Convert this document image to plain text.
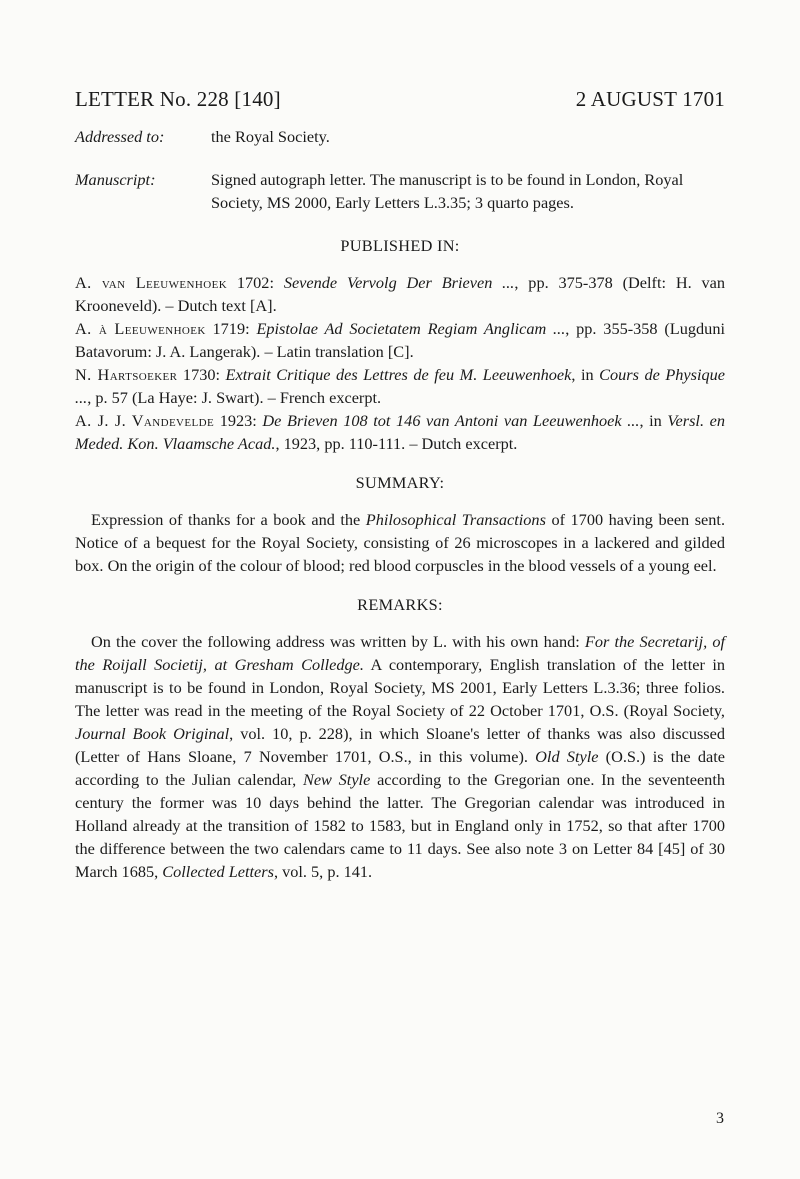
LETTER No. 228 [140]	2 AUGUST 1701
Addressed to:	the Royal Society.
Manuscript:	Signed autograph letter. The manuscript is to be found in London, Royal Society, MS 2000, Early Letters L.3.35; 3 quarto pages.
PUBLISHED IN:

A. van Leeuwenhoek 1702: Sevende Vervolg Der Brieven ..., pp. 375-378 (Delft: H. van Krooneveld). – Dutch text [A].

A. à Leeuwenhoek 1719: Epistolae Ad Societatem Regiam Anglicam ..., pp. 355-358 (Lugduni Batavorum: J. A. Langerak). – Latin translation [C].

N. Hartsoeker 1730: Extrait Critique des Lettres de feu M. Leeuwenhoek, in Cours de Physique ..., p. 57 (La Haye: J. Swart). – French excerpt.

A. J. J. Vandevelde 1923: De Brieven 108 tot 146 van Antoni van Leeuwenhoek ..., in Versl. en Meded. Kon. Vlaamsche Acad., 1923, pp. 110-111. – Dutch excerpt.

SUMMARY:

Expression of thanks for a book and the Philosophical Transactions of 1700 having been sent. Notice of a bequest for the Royal Society, consisting of 26 microscopes in a lackered and gilded box. On the origin of the colour of blood; red blood corpuscles in the blood vessels of a young eel.

REMARKS:

On the cover the following address was written by L. with his own hand: For the Secretarij, of the Roijall Societij, at Gresham Colledge. A contemporary, English translation of the letter in manuscript is to be found in London, Royal Society, MS 2001, Early Letters L.3.36; three folios. The letter was read in the meeting of the Royal Society of 22 October 1701, O.S. (Royal Society, Journal Book Original, vol. 10, p. 228), in which Sloane's letter of thanks was also discussed (Letter of Hans Sloane, 7 November 1701, O.S., in this volume). Old Style (O.S.) is the date according to the Julian calendar, New Style according to the Gregorian one. In the seventeenth century the former was 10 days behind the latter. The Gregorian calendar was introduced in Holland already at the transition of 1582 to 1583, but in England only in 1752, so that after 1700 the difference between the two calendars came to 11 days. See also note 3 on Letter 84 [45] of 30 March 1685, Collected Letters, vol. 5, p. 141.

3
